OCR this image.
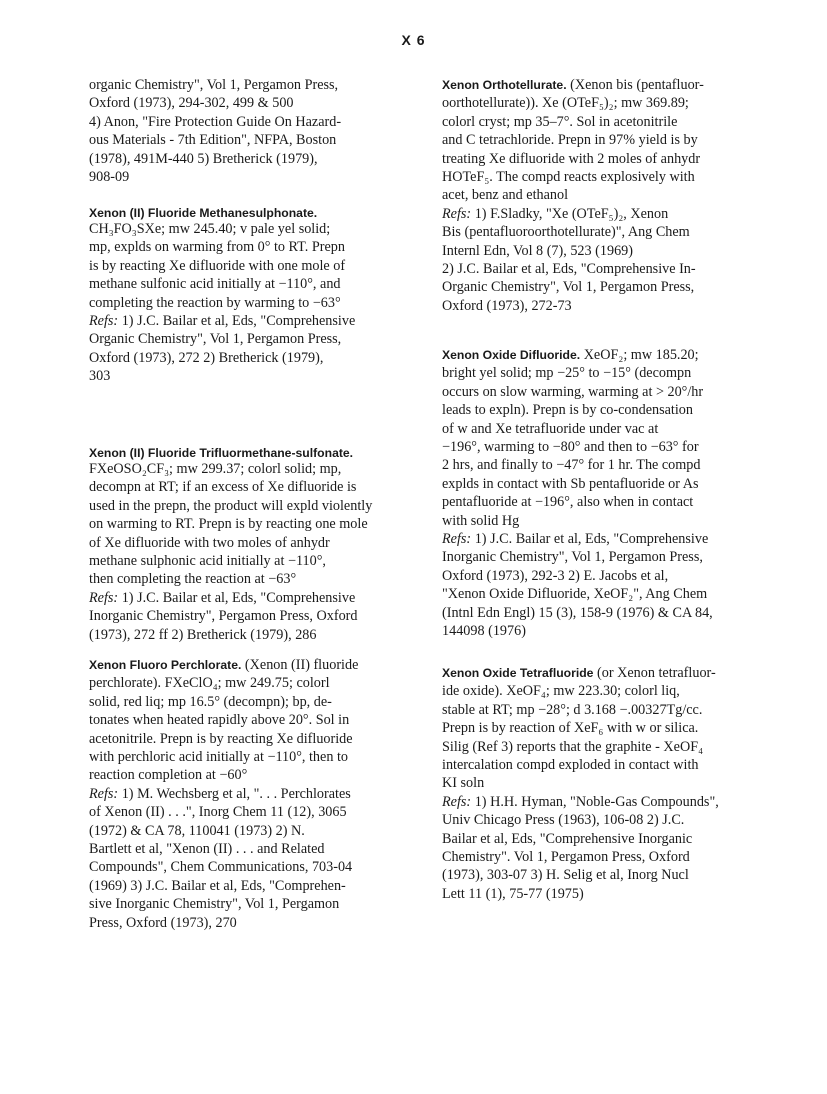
X 6
organic Chemistry", Vol 1, Pergamon Press,
Oxford (1973), 294-302, 499 & 500
4) Anon, "Fire Protection Guide On Hazard-
ous Materials - 7th Edition", NFPA, Boston
(1978), 491M-440 5) Bretherick (1979),
908-09
Xenon (II) Fluoride Methanesulphonate.
CH₃FO₃SXe; mw 245.40; v pale yel solid;
mp, explds on warming from 0° to RT. Prepn
is by reacting Xe difluoride with one mole of
methane sulfonic acid initially at −110°, and
completing the reaction by warming to −63°
Refs: 1) J.C. Bailar et al, Eds, "Comprehensive
Organic Chemistry", Vol 1, Pergamon Press,
Oxford (1973), 272 2) Bretherick (1979),
303
Xenon (II) Fluoride Trifluormethane-sulfonate.
FXeOSO₂CF₃; mw 299.37; colorl solid; mp,
decompn at RT; if an excess of Xe difluoride is
used in the prepn, the product will expld violently
on warming to RT. Prepn is by reacting one mole
of Xe difluoride with two moles of anhydr
methane sulphonic acid initially at −110°,
then completing the reaction at −63°
Refs: 1) J.C. Bailar et al, Eds, "Comprehensive
Inorganic Chemistry", Pergamon Press, Oxford
(1973), 272 ff 2) Bretherick (1979), 286
Xenon Fluoro Perchlorate. (Xenon (II) fluoride
perchlorate). FXeClO₄; mw 249.75; colorl
solid, red liq; mp 16.5° (decompn); bp, de-
tonates when heated rapidly above 20°. Sol in
acetonitrile. Prepn is by reacting Xe difluoride
with perchloric acid initially at −110°, then to
reaction completion at −60°
Refs: 1) M. Wechsberg et al, ". . . Perchlorates
of Xenon (II) . . .", Inorg Chem 11 (12), 3065
(1972) & CA 78, 110041 (1973) 2) N.
Bartlett et al, "Xenon (II) . . . and Related
Compounds", Chem Communications, 703-04
(1969) 3) J.C. Bailar et al, Eds, "Comprehen-
sive Inorganic Chemistry", Vol 1, Pergamon
Press, Oxford (1973), 270
Xenon Orthotellurate. (Xenon bis (pentafluor-
oorthotellurate)). Xe (OTeF₅)₂; mw 369.89;
colorl cryst; mp 35–7°. Sol in acetonitrile
and C tetrachloride. Prepn in 97% yield is by
treating Xe difluoride with 2 moles of anhydr
HOTeF₅. The compd reacts explosively with
acet, benz and ethanol
Refs: 1) F.Sladky, "Xe (OTeF₅)₂, Xenon
Bis (pentafluoroorthotellurate)", Ang Chem
Internl Edn, Vol 8 (7), 523 (1969)
2) J.C. Bailar et al, Eds, "Comprehensive In-
Organic Chemistry", Vol 1, Pergamon Press,
Oxford (1973), 272-73
Xenon Oxide Difluoride. XeOF₂; mw 185.20;
bright yel solid; mp −25° to −15° (decompn
occurs on slow warming, warming at > 20°/hr
leads to expln). Prepn is by co-condensation
of w and Xe tetrafluoride under vac at
−196°, warming to −80° and then to −63° for
2 hrs, and finally to −47° for 1 hr. The compd
explds in contact with Sb pentafluoride or As
pentafluoride at −196°, also when in contact
with solid Hg
Refs: 1) J.C. Bailar et al, Eds, "Comprehensive
Inorganic Chemistry", Vol 1, Pergamon Press,
Oxford (1973), 292-3 2) E. Jacobs et al,
"Xenon Oxide Difluoride, XeOF₂", Ang Chem
(Intnl Edn Engl) 15 (3), 158-9 (1976) & CA 84,
144098 (1976)
Xenon Oxide Tetrafluoride (or Xenon tetrafluor-
ide oxide). XeOF₄; mw 223.30; colorl liq,
stable at RT; mp −28°; d 3.168 −.00327Tg/cc.
Prepn is by reaction of XeF₆ with w or silica.
Silig (Ref 3) reports that the graphite - XeOF₄
intercalation compd exploded in contact with
KI soln
Refs: 1) H.H. Hyman, "Noble-Gas Compounds",
Univ Chicago Press (1963), 106-08 2) J.C.
Bailar et al, Eds, "Comprehensive Inorganic
Chemistry". Vol 1, Pergamon Press, Oxford
(1973), 303-07 3) H. Selig et al, Inorg Nucl
Lett 11 (1), 75-77 (1975)
